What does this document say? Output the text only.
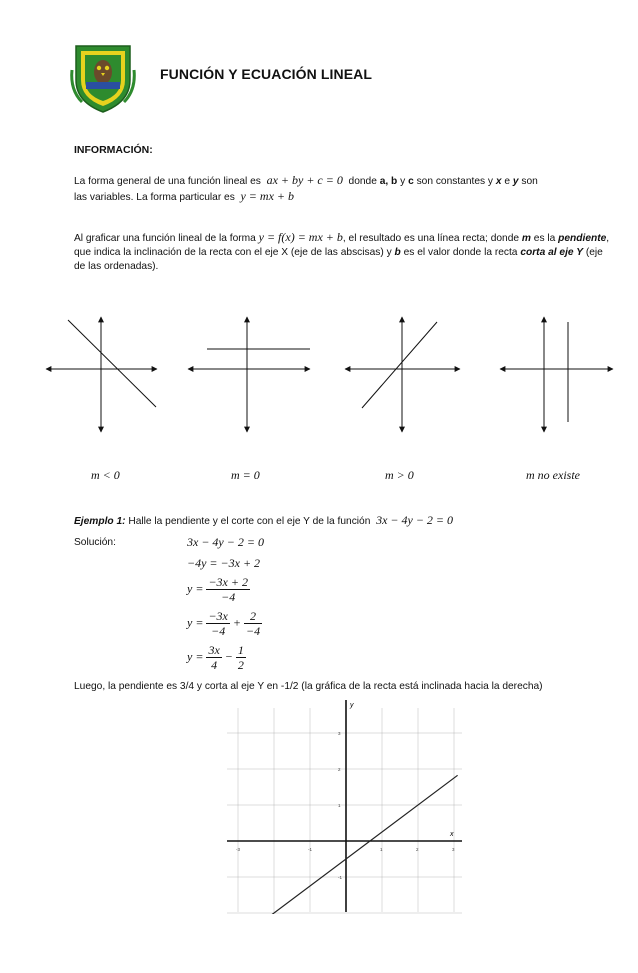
FUNCIÓN Y ECUACIÓN LINEAL
INFORMACIÓN:
La forma general de una función lineal es ax + by + c = 0 donde a, b y c son constantes y x e y son
las variables. La forma particular es y = mx + b
Al graficar una función lineal de la forma y = f(x) = mx + b, el resultado es una línea recta; donde m es la pendiente, que indica la inclinación de la recta con el eje X (eje de las abscisas) y b es el valor donde la recta corta al eje Y (eje de las ordenadas).
m < 0	m = 0	m > 0	m no existe
Ejemplo 1: Halle la pendiente y el corte con el eje Y de la función 3x − 4y − 2 = 0
Solución:	3x − 4y − 2 = 0
−4y = −3x + 2
$y = \frac{-3x + 2}{-4}$
$y = \frac{-3x}{-4} + \frac{2}{-4}$
$y = \frac{3x}{4} - \frac{1}{2}$
Luego, la pendiente es 3/4 y corta al eje Y en -1/2 (la gráfica de la recta está inclinada hacia la derecha)
-3	-1	1	2	3
3
2
1
-1
x
y
